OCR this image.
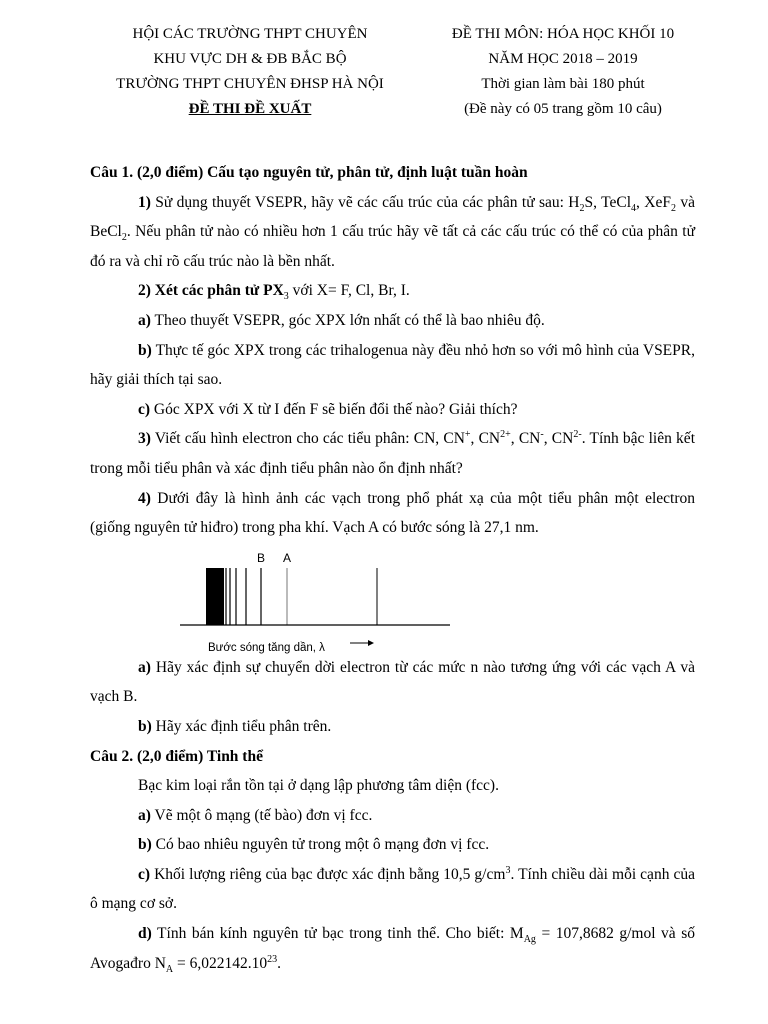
HỘI CÁC TRƯỜNG THPT CHUYÊN
KHU VỰC DH & ĐB BẮC BỘ
TRƯỜNG THPT CHUYÊN ĐHSP HÀ NỘI
ĐỀ THI ĐỀ XUẤT
ĐỀ THI MÔN: HÓA HỌC KHỐI 10
NĂM HỌC 2018 – 2019
Thời gian làm bài 180 phút
(Đề này có 05 trang gồm 10 câu)

Câu 1. (2,0 điểm) Cấu tạo nguyên tử, phân tử, định luật tuần hoàn

1) Sử dụng thuyết VSEPR, hãy vẽ các cấu trúc của các phân tử sau: $H_2S$, TeCl$_4$, XeF$_2$ và BeCl$_2$. Nếu phân tử nào có nhiều hơn 1 cấu trúc hãy vẽ tất cả các cấu trúc có thể có của phân tử đó ra và chỉ rõ cấu trúc nào là bền nhất.

2) Xét các phân tử $PX_3$ với X= F, Cl, Br, I.

a) Theo thuyết VSEPR, góc XPX lớn nhất có thể là bao nhiêu độ.

b) Thực tế góc XPX trong các trihalogenua này đều nhỏ hơn so với mô hình của VSEPR, hãy giải thích tại sao.

c) Góc XPX với X từ I đến F sẽ biến đổi thế nào? Giải thích?

3) Viết cấu hình electron cho các tiểu phân: CN, CN+, $CN^{2+}$, CN-, $CN^{2-}$. Tính bậc liên kết trong mỗi tiểu phân và xác định tiểu phân nào ổn định nhất?

4) Dưới đây là hình ảnh các vạch trong phổ phát xạ của một tiểu phân một electron (giống nguyên tử hiđro) trong pha khí. Vạch A có bước sóng là 27,1 nm.

B A
Bước sóng tăng dần, λ

a) Hãy xác định sự chuyển dời electron từ các mức n nào tương ứng với các vạch A và vạch B.

b) Hãy xác định tiểu phân trên.

Câu 2. (2,0 điểm) Tinh thể

Bạc kim loại rắn tồn tại ở dạng lập phương tâm diện (fcc).

a) Vẽ một ô mạng (tế bào) đơn vị fcc.

b) Có bao nhiêu nguyên tử trong một ô mạng đơn vị fcc.

c) Khối lượng riêng của bạc được xác định bằng 10,5 $g/cm^3$. Tính chiều dài mỗi cạnh của ô mạng cơ sở.

d) Tính bán kính nguyên tử bạc trong tinh thể. Cho biết: $M_{Ag} = 107,8682$ g/mol và số Avogađro $N_A = 6,022142.10^{23}$.
